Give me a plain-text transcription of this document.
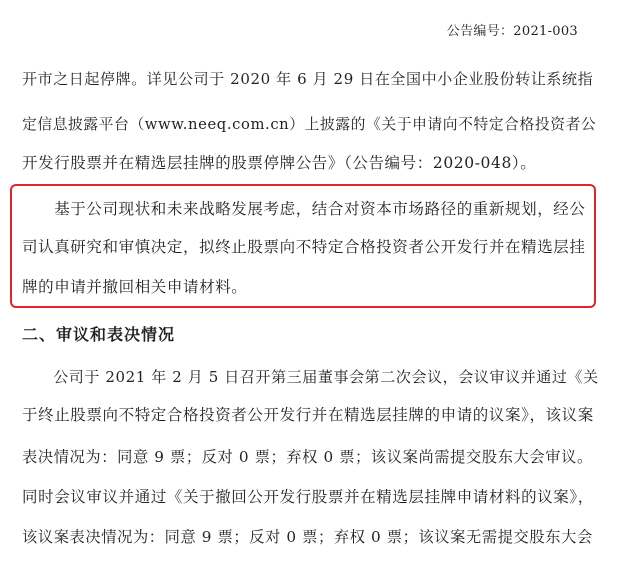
公告编号：2021-003
开市之日起停牌。详见公司于 2020 年 6 月 29 日在全国中小企业股份转让系统指
定信息披露平台（www.neeq.com.cn）上披露的《关于申请向不特定合格投资者公
开发行股票并在精选层挂牌的股票停牌公告》（公告编号：2020-048）。
　　基于公司现状和未来战略发展考虑，结合对资本市场路径的重新规划，经公
司认真研究和审慎决定，拟终止股票向不特定合格投资者公开发行并在精选层挂
牌的申请并撤回相关申请材料。
二、审议和表决情况
　　公司于 2021 年 2 月 5 日召开第三届董事会第二次会议，会议审议并通过《关
于终止股票向不特定合格投资者公开发行并在精选层挂牌的申请的议案》，该议案
表决情况为：同意 9 票；反对 0 票；弃权 0 票；该议案尚需提交股东大会审议。
同时会议审议并通过《关于撤回公开发行股票并在精选层挂牌申请材料的议案》，
该议案表决情况为：同意 9 票；反对 0 票；弃权 0 票；该议案无需提交股东大会
